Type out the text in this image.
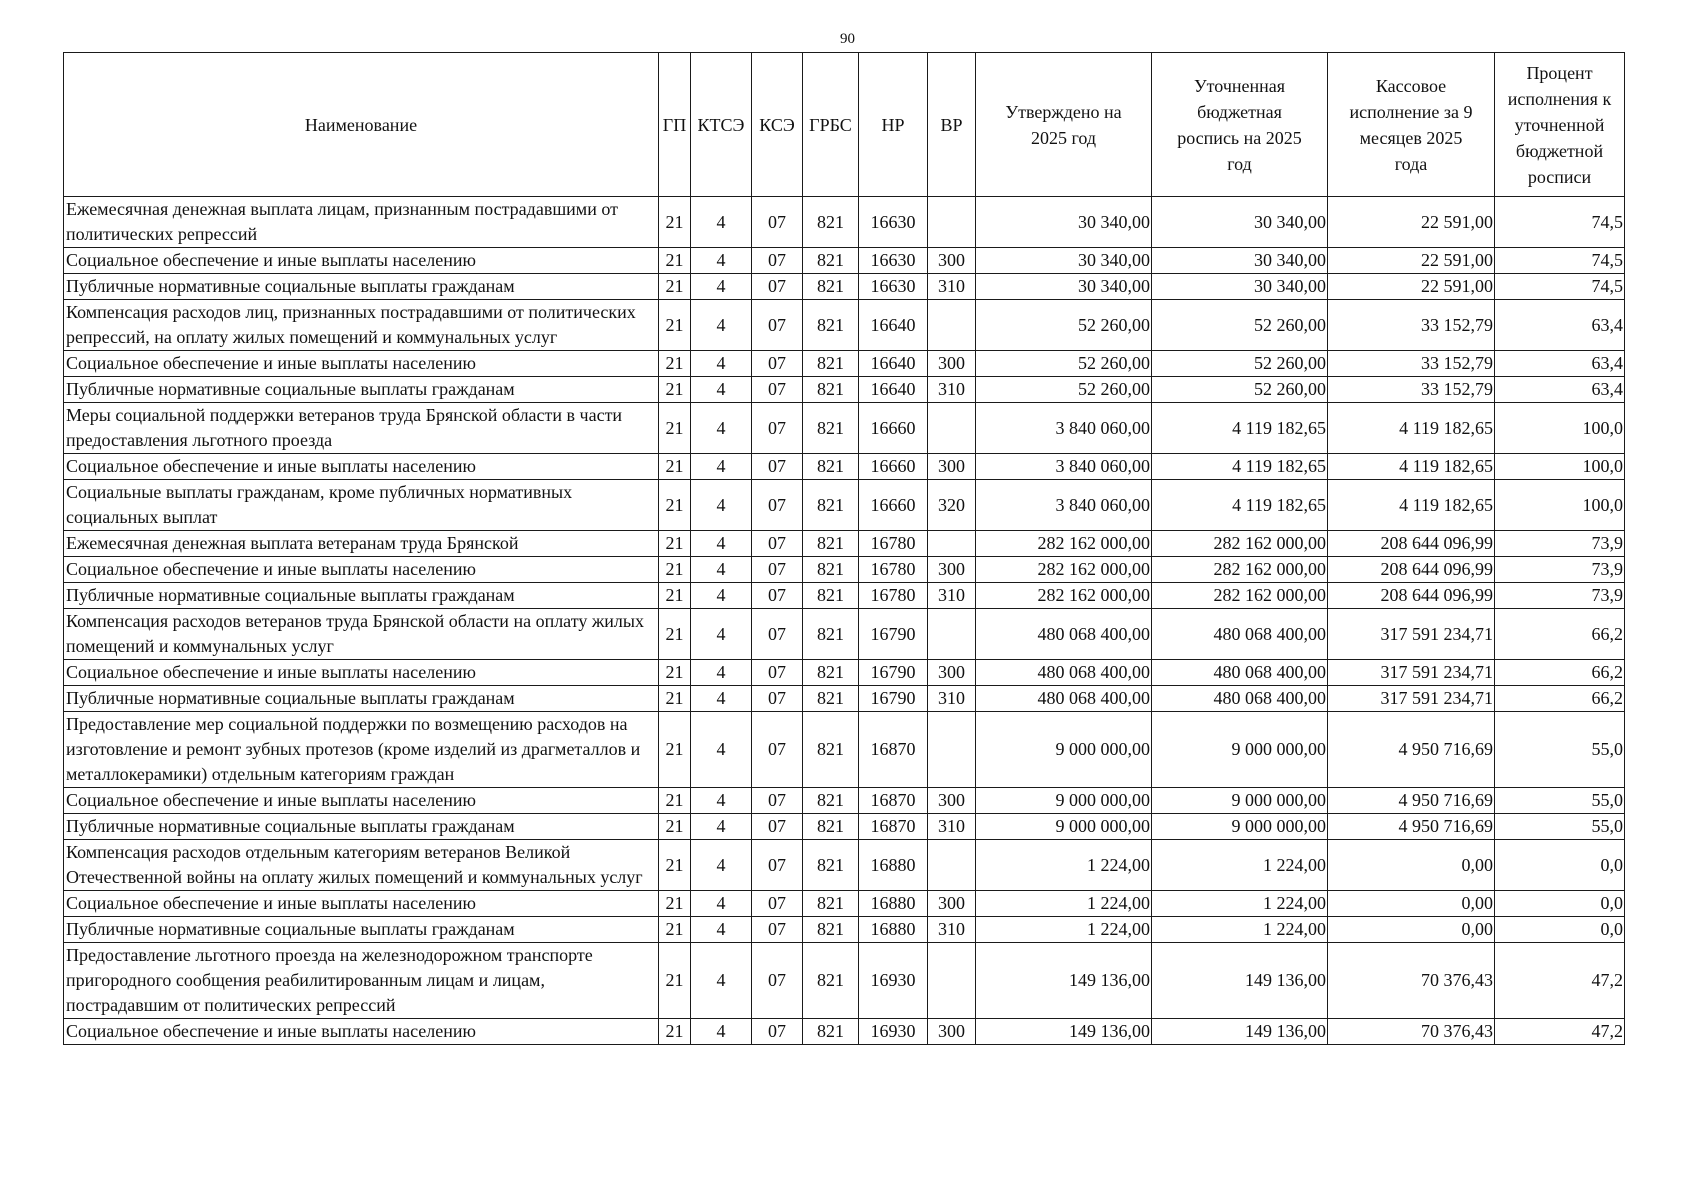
90
Наименование	ГП	КТСЭ	КСЭ	ГРБС	НР	ВР	Утверждено на 2025 год	Уточненная бюджетная роспись на 2025 год	Кассовое исполнение за 9 месяцев 2025 года	Процент исполнения к уточненной бюджетной росписи
Ежемесячная денежная выплата лицам, признанным пострадавшими от политических репрессий	21	4	07	821	16630		30 340,00	30 340,00	22 591,00	74,5
Социальное обеспечение и иные выплаты населению	21	4	07	821	16630	300	30 340,00	30 340,00	22 591,00	74,5
Публичные нормативные социальные выплаты гражданам	21	4	07	821	16630	310	30 340,00	30 340,00	22 591,00	74,5
Компенсация расходов лиц, признанных пострадавшими от политических репрессий, на оплату жилых помещений и коммунальных услуг	21	4	07	821	16640		52 260,00	52 260,00	33 152,79	63,4
Социальное обеспечение и иные выплаты населению	21	4	07	821	16640	300	52 260,00	52 260,00	33 152,79	63,4
Публичные нормативные социальные выплаты гражданам	21	4	07	821	16640	310	52 260,00	52 260,00	33 152,79	63,4
Меры социальной поддержки ветеранов труда Брянской области в части предоставления льготного проезда	21	4	07	821	16660		3 840 060,00	4 119 182,65	4 119 182,65	100,0
Социальное обеспечение и иные выплаты населению	21	4	07	821	16660	300	3 840 060,00	4 119 182,65	4 119 182,65	100,0
Социальные выплаты гражданам, кроме публичных нормативных социальных выплат	21	4	07	821	16660	320	3 840 060,00	4 119 182,65	4 119 182,65	100,0
Ежемесячная денежная выплата ветеранам труда Брянской	21	4	07	821	16780		282 162 000,00	282 162 000,00	208 644 096,99	73,9
Социальное обеспечение и иные выплаты населению	21	4	07	821	16780	300	282 162 000,00	282 162 000,00	208 644 096,99	73,9
Публичные нормативные социальные выплаты гражданам	21	4	07	821	16780	310	282 162 000,00	282 162 000,00	208 644 096,99	73,9
Компенсация расходов ветеранов труда Брянской области на оплату жилых помещений и коммунальных услуг	21	4	07	821	16790		480 068 400,00	480 068 400,00	317 591 234,71	66,2
Социальное обеспечение и иные выплаты населению	21	4	07	821	16790	300	480 068 400,00	480 068 400,00	317 591 234,71	66,2
Публичные нормативные социальные выплаты гражданам	21	4	07	821	16790	310	480 068 400,00	480 068 400,00	317 591 234,71	66,2
Предоставление мер социальной поддержки по возмещению расходов на изготовление и ремонт зубных протезов (кроме изделий из драгметаллов и металлокерамики) отдельным категориям граждан	21	4	07	821	16870		9 000 000,00	9 000 000,00	4 950 716,69	55,0
Социальное обеспечение и иные выплаты населению	21	4	07	821	16870	300	9 000 000,00	9 000 000,00	4 950 716,69	55,0
Публичные нормативные социальные выплаты гражданам	21	4	07	821	16870	310	9 000 000,00	9 000 000,00	4 950 716,69	55,0
Компенсация расходов отдельным категориям ветеранов Великой Отечественной войны на оплату жилых помещений и коммунальных услуг	21	4	07	821	16880		1 224,00	1 224,00	0,00	0,0
Социальное обеспечение и иные выплаты населению	21	4	07	821	16880	300	1 224,00	1 224,00	0,00	0,0
Публичные нормативные социальные выплаты гражданам	21	4	07	821	16880	310	1 224,00	1 224,00	0,00	0,0
Предоставление льготного проезда на железнодорожном транспорте пригородного сообщения реабилитированным лицам и лицам, пострадавшим от политических репрессий	21	4	07	821	16930		149 136,00	149 136,00	70 376,43	47,2
Социальное обеспечение и иные выплаты населению	21	4	07	821	16930	300	149 136,00	149 136,00	70 376,43	47,2
